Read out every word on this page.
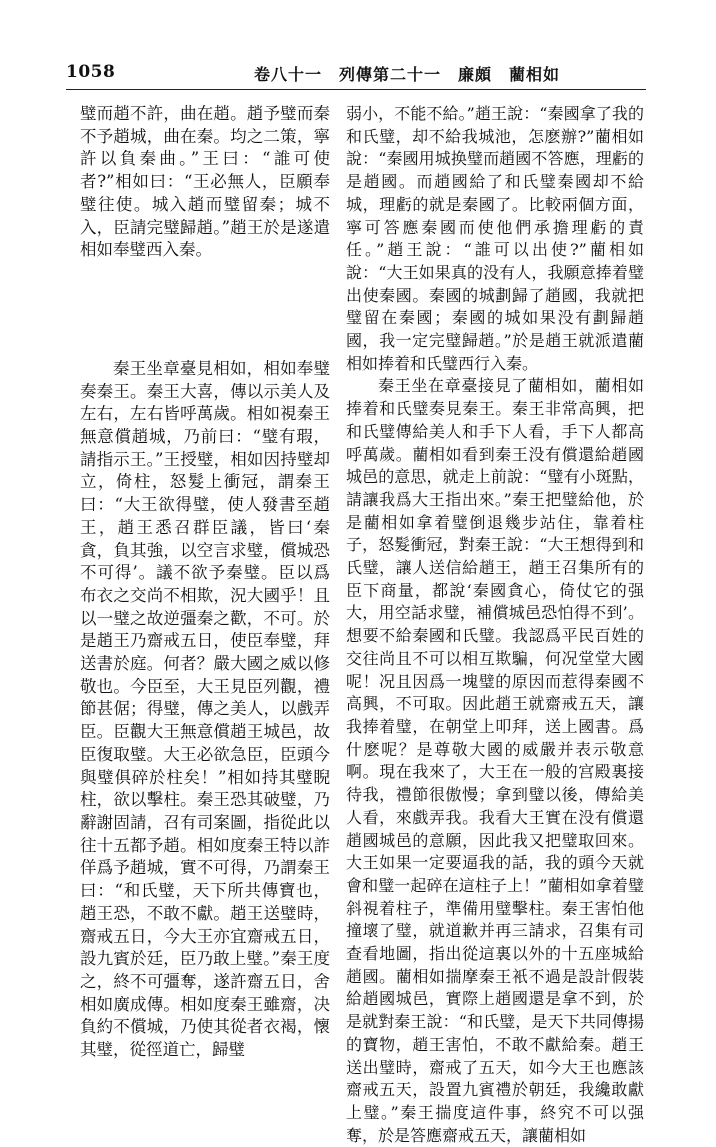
1058	卷八十一　列傳第二十一　廉頗　藺相如

璧而趙不許，曲在趙。趙予璧而秦不予趙城，曲在秦。均之二策，寧許以負秦曲。”王曰：“誰可使者?”相如曰：“王必無人，臣願奉璧往使。城入趙而璧留秦；城不入，臣請完璧歸趙。”趙王於是遂遣相如奉璧西入秦。

秦王坐章臺見相如，相如奉璧奏秦王。秦王大喜，傳以示美人及左右，左右皆呼萬歲。相如視秦王無意償趙城，乃前曰：“璧有瑕，請指示王。”王授璧，相如因持璧却立，倚柱，怒髮上衝冠，謂秦王曰：“大王欲得璧，使人發書至趙王，趙王悉召群臣議，皆曰‘秦貪，負其強，以空言求璧，償城恐不可得’。議不欲予秦璧。臣以爲布衣之交尚不相欺，況大國乎！且以一璧之故逆彊秦之歡，不可。於是趙王乃齋戒五日，使臣奉璧，拜送書於庭。何者？嚴大國之威以修敬也。今臣至，大王見臣列觀，禮節甚倨；得璧，傳之美人，以戲弄臣。臣觀大王無意償趙王城邑，故臣復取璧。大王必欲急臣，臣頭今與璧俱碎於柱矣！”相如持其璧睨柱，欲以擊柱。秦王恐其破璧，乃辭謝固請，召有司案圖，指從此以往十五都予趙。相如度秦王特以詐佯爲予趙城，實不可得，乃謂秦王曰：“和氏璧，天下所共傳寶也，趙王恐，不敢不獻。趙王送璧時，齋戒五日，今大王亦宜齋戒五日，設九賓於廷，臣乃敢上璧。”秦王度之，終不可彊奪，遂許齋五日，舍相如廣成傳。相如度秦王雖齋，决負約不償城，乃使其從者衣褐，懷其璧，從徑道亡，歸璧

弱小，不能不給。”趙王說：“秦國拿了我的和氏璧，却不給我城池，怎麽辦?”藺相如說：“秦國用城换璧而趙國不答應，理虧的是趙國。而趙國給了和氏璧秦國却不給城，理虧的就是秦國了。比較兩個方面，寧可答應秦國而使他們承擔理虧的責任。”趙王說：“誰可以出使?”藺相如說：“大王如果真的没有人，我願意捧着璧出使秦國。秦國的城劃歸了趙國，我就把璧留在秦國；秦國的城如果没有劃歸趙國，我一定完璧歸趙。”於是趙王就派遣藺相如捧着和氏璧西行入秦。

秦王坐在章臺接見了藺相如，藺相如捧着和氏璧奏見秦王。秦王非常高興，把和氏璧傳給美人和手下人看，手下人都高呼萬歲。藺相如看到秦王没有償還給趙國城邑的意思，就走上前說：“璧有小斑點，請讓我爲大王指出來。”秦王把璧給他，於是藺相如拿着璧倒退幾步站住，靠着柱子，怒髮衝冠，對秦王說：“大王想得到和氏璧，讓人送信給趙王，趙王召集所有的臣下商量，都說‘秦國貪心，倚仗它的强大，用空話求璧，補償城邑恐怕得不到’。想要不給秦國和氏璧。我認爲平民百姓的交往尚且不可以相互欺騙，何况堂堂大國呢！况且因爲一塊璧的原因而惹得秦國不高興，不可取。因此趙王就齋戒五天，讓我捧着璧，在朝堂上叩拜，送上國書。爲什麽呢？是尊敬大國的威嚴并表示敬意啊。現在我來了，大王在一般的宫殿裏接待我，禮節很傲慢；拿到璧以後，傳給美人看，來戲弄我。我看大王實在没有償還趙國城邑的意願，因此我又把璧取回來。大王如果一定要逼我的話，我的頭今天就會和璧一起碎在這柱子上！”藺相如拿着璧斜視着柱子，準備用璧擊柱。秦王害怕他撞壞了璧，就道歉并再三請求，召集有司查看地圖，指出從這裏以外的十五座城給趙國。藺相如揣摩秦王衹不過是設計假裝給趙國城邑，實際上趙國還是拿不到，於是就對秦王說：“和氏璧，是天下共同傳揚的寶物，趙王害怕，不敢不獻給秦。趙王送出璧時，齋戒了五天，如今大王也應該齋戒五天，設置九賓禮於朝廷，我纔敢獻上璧。”秦王揣度這件事，終究不可以强奪，於是答應齋戒五天，讓藺相如
